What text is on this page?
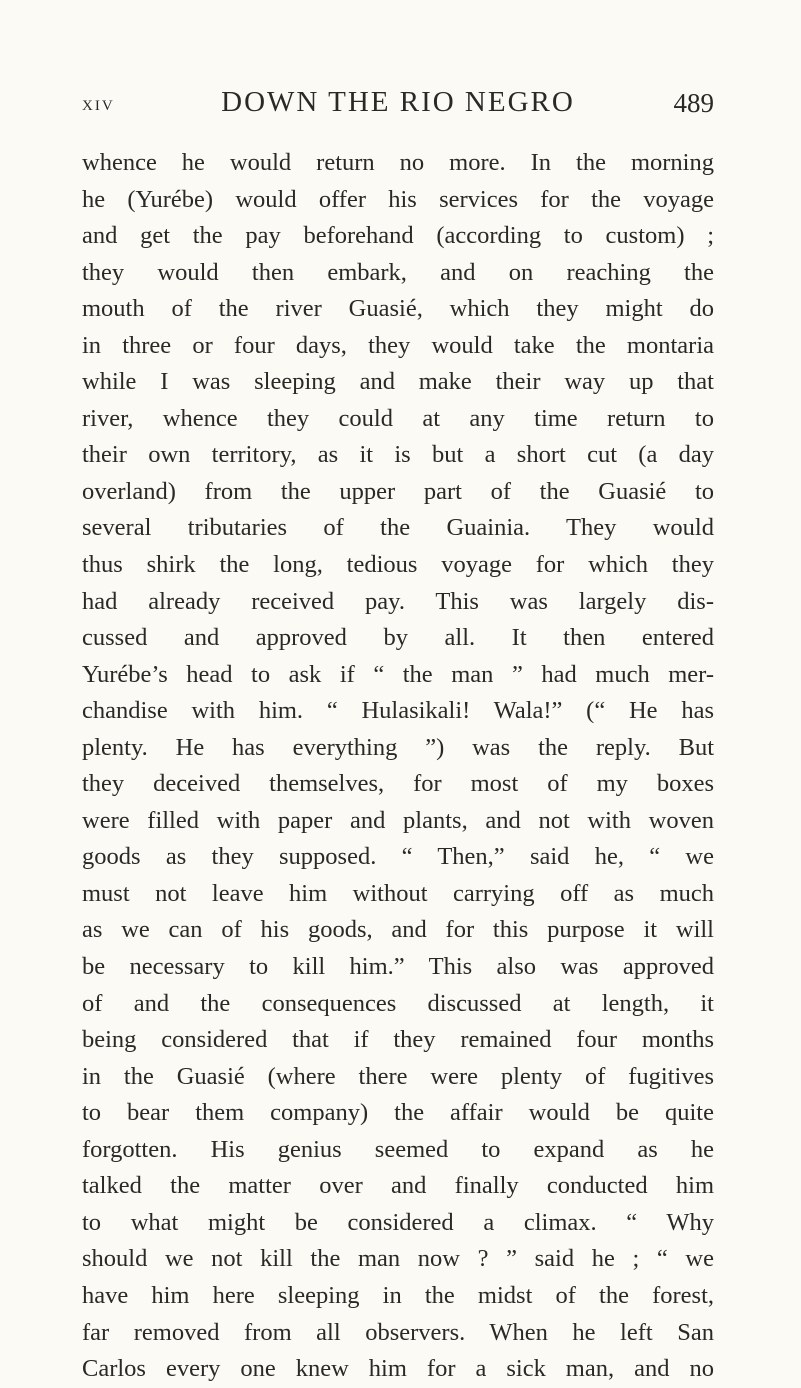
XIV	DOWN THE RIO NEGRO	489
whence he would return no more. In the morning
he (Yurébe) would offer his services for the voyage
and get the pay beforehand (according to custom) ;
they would then embark, and on reaching the
mouth of the river Guasié, which they might do
in three or four days, they would take the montaria
while I was sleeping and make their way up that
river, whence they could at any time return to
their own territory, as it is but a short cut (a day
overland) from the upper part of the Guasié to
several tributaries of the Guainia. They would
thus shirk the long, tedious voyage for which they
had already received pay. This was largely dis-
cussed and approved by all. It then entered
Yurébe’s head to ask if “ the man ” had much mer-
chandise with him. “ Hulasikali! Wala!” (“ He has
plenty. He has everything ”) was the reply. But
they deceived themselves, for most of my boxes
were filled with paper and plants, and not with woven
goods as they supposed. “ Then,” said he, “ we
must not leave him without carrying off as much
as we can of his goods, and for this purpose it will
be necessary to kill him.” This also was approved
of and the consequences discussed at length, it
being considered that if they remained four months
in the Guasié (where there were plenty of fugitives
to bear them company) the affair would be quite
forgotten. His genius seemed to expand as he
talked the matter over and finally conducted him
to what might be considered a climax. “ Why
should we not kill the man now ? ” said he ; “ we
have him here sleeping in the midst of the forest,
far removed from all observers. When he left San
Carlos every one knew him for a sick man, and no
